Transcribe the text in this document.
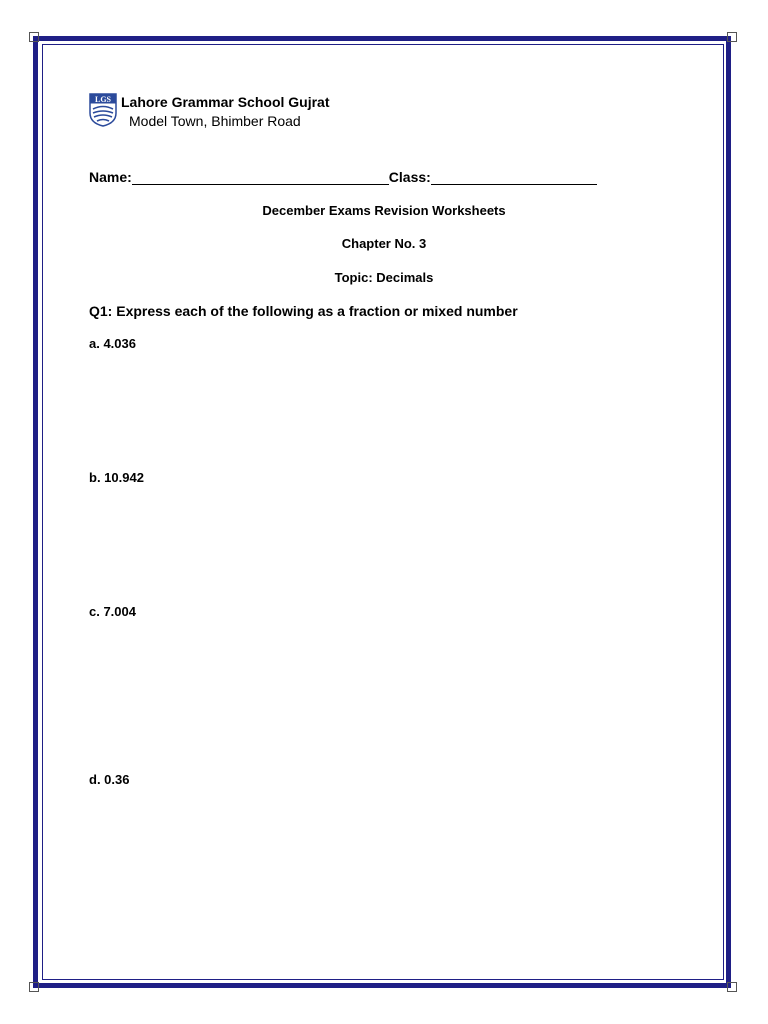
LGS Lahore Grammar School Gujrat
Model Town, Bhimber Road
Name:	Class:
December Exams Revision Worksheets
Chapter No. 3
Topic: Decimals
Q1: Express each of the following as a fraction or mixed number
a. 4.036
b. 10.942
c. 7.004
d. 0.36
